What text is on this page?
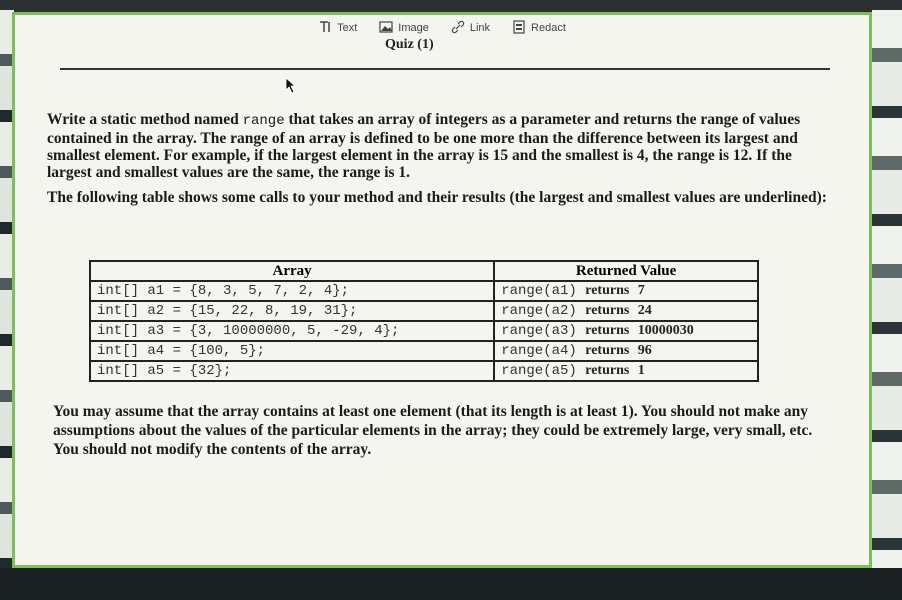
Text	Image	Link	Redact
Quiz (1)

Write a static method named range that takes an array of integers as a parameter and returns the range of values contained in the array. The range of an array is defined to be one more than the difference between its largest and smallest element. For example, if the largest element in the array is 15 and the smallest is 4, the range is 12. If the largest and smallest values are the same, the range is 1.

The following table shows some calls to your method and their results (the largest and smallest values are underlined):

Array	Returned Value
int[] a1 = {8, 3, 5, 7, 2, 4};	range(a1) returns 7
int[] a2 = {15, 22, 8, 19, 31};	range(a2) returns 24
int[] a3 = {3, 10000000, 5, -29, 4};	range(a3) returns 10000030
int[] a4 = {100, 5};	range(a4) returns 96
int[] a5 = {32};	range(a5) returns 1
You may assume that the array contains at least one element (that its length is at least 1). You should not make any assumptions about the values of the particular elements in the array; they could be extremely large, very small, etc. You should not modify the contents of the array.
